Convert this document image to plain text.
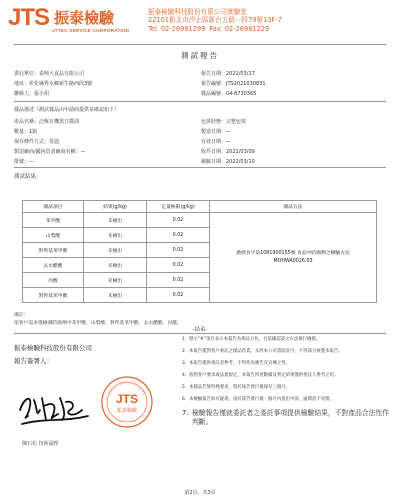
JTS 振泰檢驗
JTTEC SERVICE CORPORATION
振泰檢驗科技股份有限公司實驗室
22101新北市汐止區新台五路一段79號13F-7
Tel. 02-26981299 Fax. 02-26981229
測試報告
委託單位：泰興大食品有限公司
地址：彰化縣秀水鄉新生路西段3號
聯絡人：張小姐
報告日期：2021/03/17
報告編號：JTS2021030831
樣品編號：04-8730365
樣品描述（測試樣品由申請商提供並確認如下）
產品名稱：泛啄有機黑豆醬油	包裝狀態：完整包裝
數量：1瓶	製造日期：—
保存條件方式：常溫	有效日期：—
製造廠商/國內負責廠商名稱：—	收件日期：2021/03/09
批號：—	檢驗日期：2021/03/10
測試結果：
測試項目	結果(g/kg)	定量極限(g/kg)	測試方法
苯甲酸	未檢出	0.02	衛授食字第1081900155號 食品中防腐劑之檢驗方法 MOHWA0026.03
山梨酸	未檢出	0.02	
對羥基苯甲酸	未檢出	0.02	
去水醋酸	未檢出	0.02	
丙酸	未檢出	0.02	
對羥基苯甲酸	未檢出	0.02	
備註：
依客戶需求僅檢測防腐劑中苯甲酸、山梨酸、對羥基苯甲酸、去水醋酸、丙酸。
-結束-
振泰檢驗科技股份有限公司
報告簽署人：
陳石松 技術副理
JTS
振泰檢驗
1. 標示“#”項目表示本報告為委託分包，且依據認證之方法執行檢測。
2. 本報告僅對客戶委託之樣品負責，未經本公司書面許可，不得部分複製本報告。
3. 本報告僅供委託者參考，不得作為廣告及宣傳之用。
4. 依照客戶要求或法規規定，本報告所述數據及判定結果僅供委託人參考之用。
5. 本樣品若無特殊要求，將於報告發行後保存三個月。
6. 本檢驗報告如有疑義，請於報告發行後一個月內提出申訴，逾期恕不受理。
7. 檢驗報告僅就委託者之委託事項提供檢驗結果，不對產品合法性作判斷。
第2頁，共3頁
